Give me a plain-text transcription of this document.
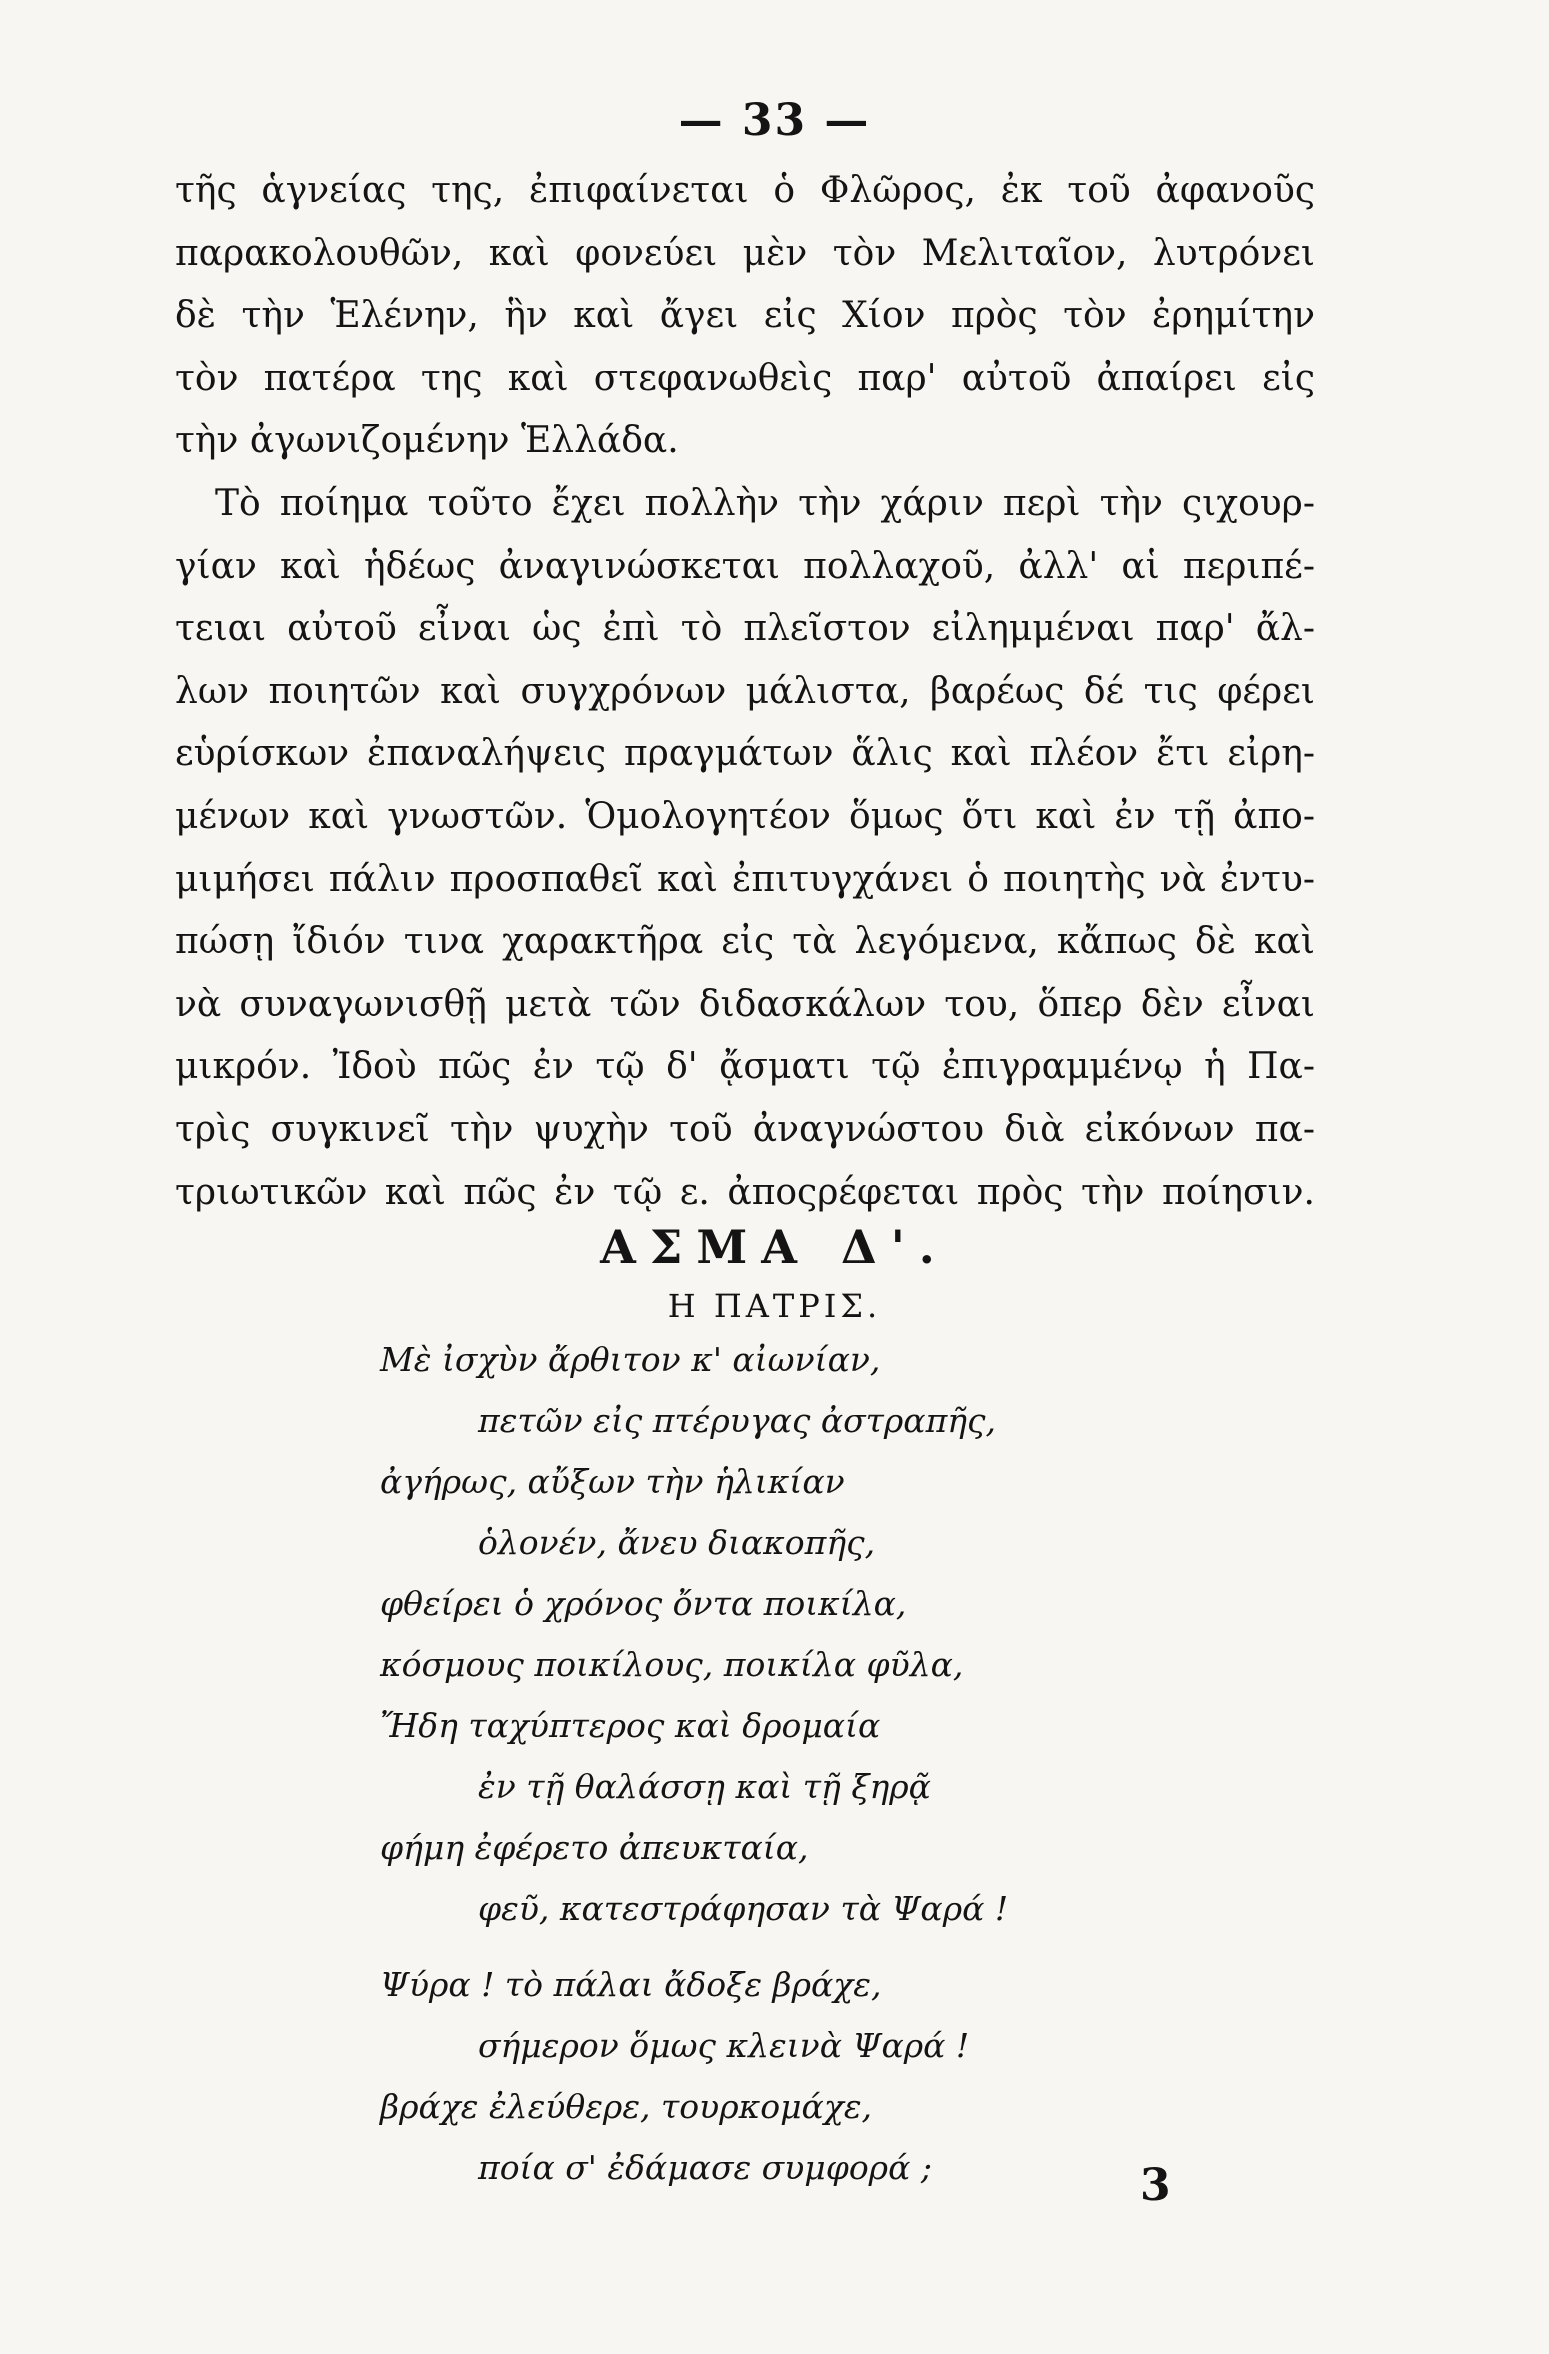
— 33 —
τῆς ἁγνείας της, ἐπιφαίνεται ὁ Φλῶρος, ἐκ τοῦ ἀφανοῦς
παρακολουθῶν, καὶ φονεύει μὲν τὸν Μελιταῖον, λυτρόνει
δὲ τὴν Ἑλένην, ἣν καὶ ἄγει εἰς Χίον πρὸς τὸν ἐρημίτην
τὸν πατέρα της καὶ στεφανωθεὶς παρ' αὐτοῦ ἀπαίρει εἰς
τὴν ἀγωνιζομένην Ἑλλάδα.
Τὸ ποίημα τοῦτο ἔχει πολλὴν τὴν χάριν περὶ τὴν ςιχουρ-
γίαν καὶ ἡδέως ἀναγινώσκεται πολλαχοῦ, ἀλλ' αἱ περιπέ-
τειαι αὐτοῦ εἶναι ὡς ἐπὶ τὸ πλεῖστον εἰλημμέναι παρ' ἄλ-
λων ποιητῶν καὶ συγχρόνων μάλιστα, βαρέως δέ τις φέρει
εὑρίσκων ἐπαναλήψεις πραγμάτων ἅλις καὶ πλέον ἔτι εἰρη-
μένων καὶ γνωστῶν. Ὁμολογητέον ὅμως ὅτι καὶ ἐν τῇ ἀπο-
μιμήσει πάλιν προσπαθεῖ καὶ ἐπιτυγχάνει ὁ ποιητὴς νὰ ἐντυ-
πώσῃ ἴδιόν τινα χαρακτῆρα εἰς τὰ λεγόμενα, κἄπως δὲ καὶ
νὰ συναγωνισθῇ μετὰ τῶν διδασκάλων του, ὅπερ δὲν εἶναι
μικρόν. Ἰδοὺ πῶς ἐν τῷ δ' ᾄσματι τῷ ἐπιγραμμένῳ ἡ Πα-
τρὶς συγκινεῖ τὴν ψυχὴν τοῦ ἀναγνώστου διὰ εἰκόνων πα-
τριωτικῶν καὶ πῶς ἐν τῷ ε. ἀποςρέφεται πρὸς τὴν ποίησιν.
ΑΣΜΑ Δ'.
Η ΠΑΤΡΙΣ.
Μὲ ἰσχὺν ἄρθιτον κ' αἰωνίαν,
πετῶν εἰς πτέρυγας ἀστραπῆς,
ἀγήρως, αὔξων τὴν ἡλικίαν
ὁλονέν, ἄνευ διακοπῆς,
φθείρει ὁ χρόνος ὄντα ποικίλα,
κόσμους ποικίλους, ποικίλα φῦλα,
Ἤδη ταχύπτερος καὶ δρομαία
ἐν τῇ θαλάσσῃ καὶ τῇ ξηρᾷ
φήμη ἐφέρετο ἀπευκταία,
φεῦ, κατεστράφησαν τὰ Ψαρά !
Ψύρα ! τὸ πάλαι ἄδοξε βράχε,
σήμερον ὅμως κλεινὰ Ψαρά !
βράχε ἐλεύθερε, τουρκομάχε,
ποία σ' ἐδάμασε συμφορά ;	3
